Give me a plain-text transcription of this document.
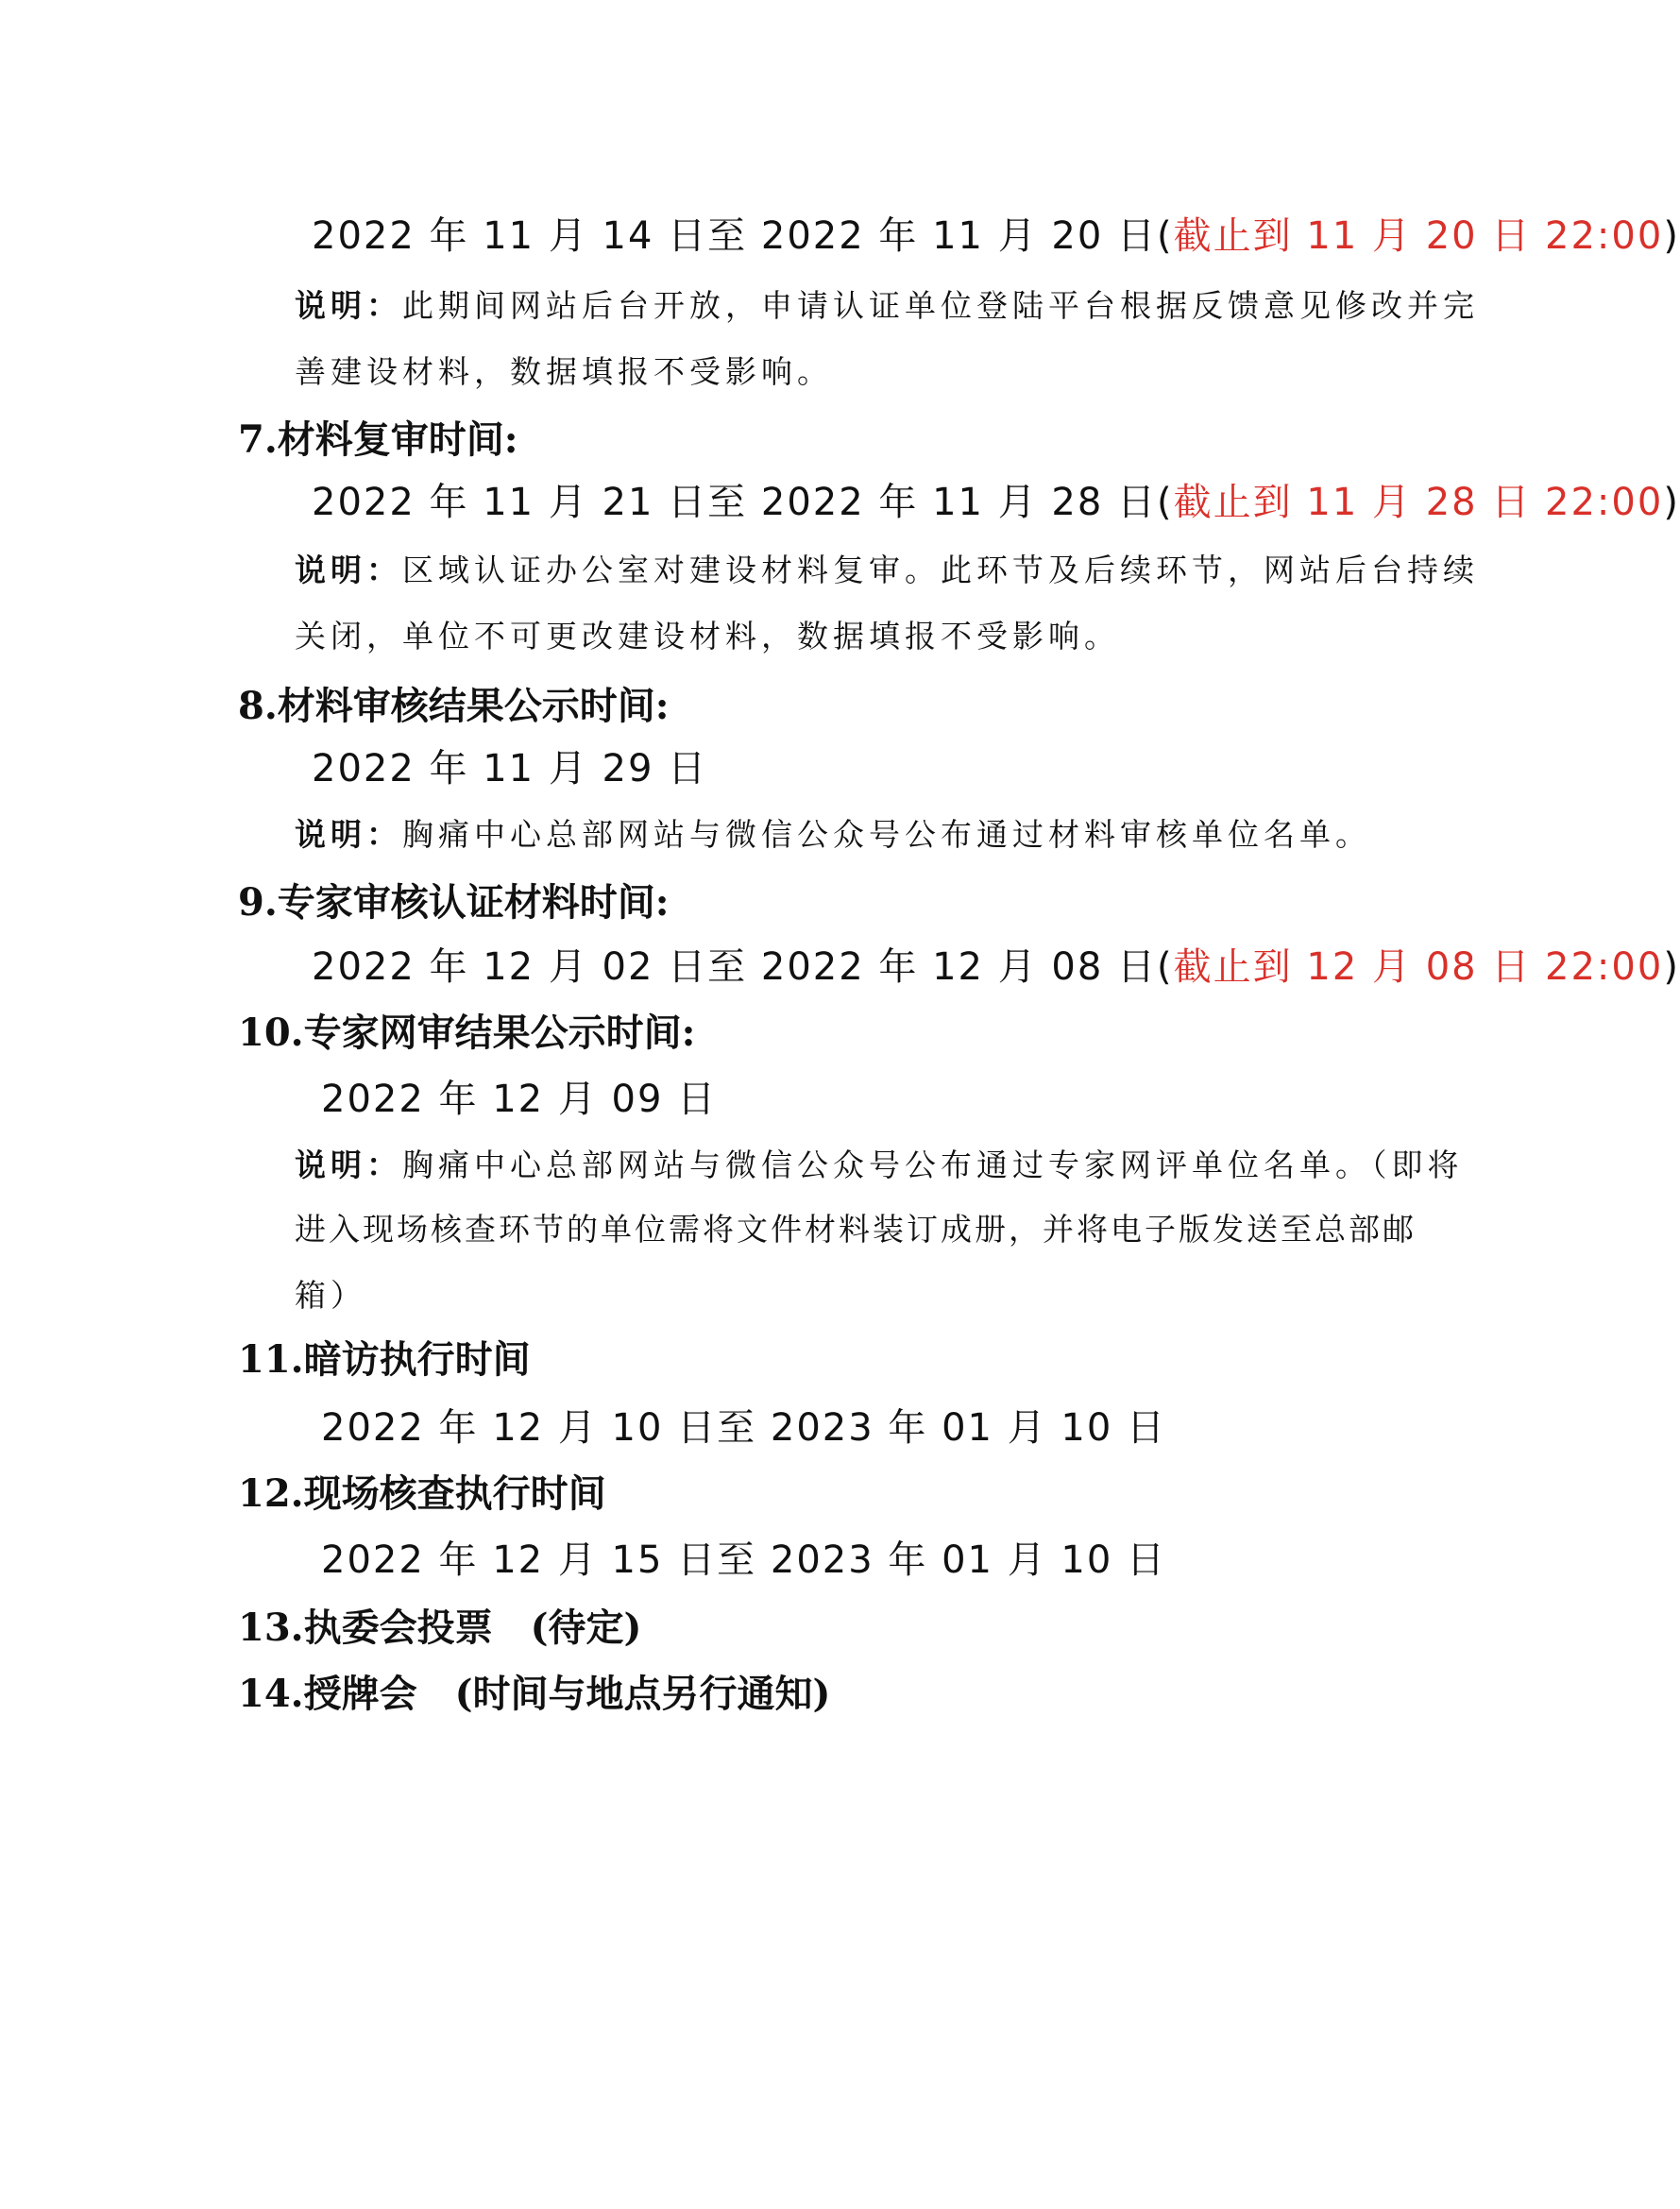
2022 年 11 月 14 日至 2022 年 11 月 20 日(截止到 11 月 20 日 22:00)
说明：此期间网站后台开放，申请认证单位登陆平台根据反馈意见修改并完
善建设材料，数据填报不受影响。
7.材料复审时间:
2022 年 11 月 21 日至 2022 年 11 月 28 日(截止到 11 月 28 日 22:00)
说明：区域认证办公室对建设材料复审。此环节及后续环节，网站后台持续
关闭，单位不可更改建设材料，数据填报不受影响。
8.材料审核结果公示时间:
2022 年 11 月 29 日
说明：胸痛中心总部网站与微信公众号公布通过材料审核单位名单。
9.专家审核认证材料时间:
2022 年 12 月 02 日至 2022 年 12 月 08 日(截止到 12 月 08 日 22:00)
10.专家网审结果公示时间:
2022 年 12 月 09 日
说明：胸痛中心总部网站与微信公众号公布通过专家网评单位名单。（即将
进入现场核查环节的单位需将文件材料装订成册，并将电子版发送至总部邮
箱）
11.暗访执行时间
2022 年 12 月 10 日至 2023 年 01 月 10 日
12.现场核查执行时间
2022 年 12 月 15 日至 2023 年 01 月 10 日
13.执委会投票　(待定)
14.授牌会　(时间与地点另行通知)
